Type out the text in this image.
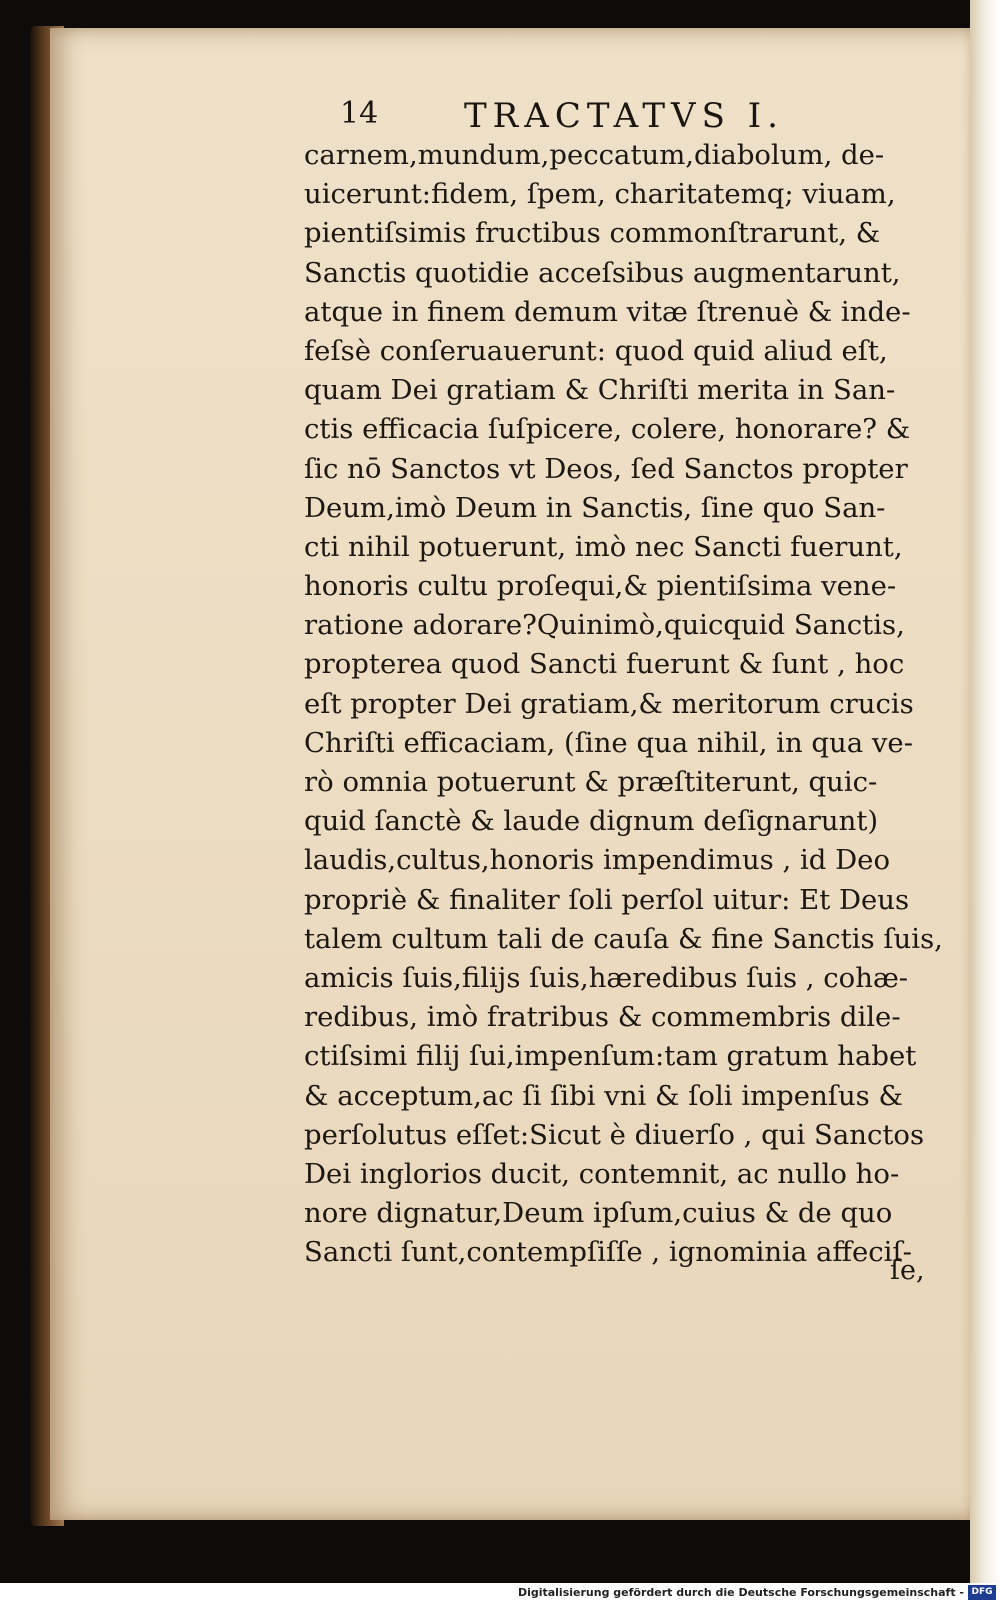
14	TRACTATVS I.
carnem,mundum,peccatum,diabolum, de-
uicerunt:fidem, ſpem, charitatemq; viuam,
pientiſsimis fructibus commonſtrarunt, &
Sanctis quotidie acceſsibus augmentarunt,
atque in finem demum vitæ ſtrenuè & inde-
feſsè conſeruauerunt: quod quid aliud eſt,
quam Dei gratiam & Chriſti merita in San-
ctis efficacia ſuſpicere, colere, honorare? &
ſic nō Sanctos vt Deos, ſed Sanctos propter
Deum,imò Deum in Sanctis, ſine quo San-
cti nihil potuerunt, imò nec Sancti fuerunt,
honoris cultu proſequi,& pientiſsima vene-
ratione adorare?Quinimò,quicquid Sanctis,
propterea quod Sancti fuerunt & ſunt , hoc
eſt propter Dei gratiam,& meritorum crucis
Chriſti efficaciam, (ſine qua nihil, in qua ve-
rò omnia potuerunt & præſtiterunt, quic-
quid ſanctè & laude dignum deſignarunt)
laudis,cultus,honoris impendimus , id Deo
propriè & finaliter ſoli perſol uitur: Et Deus
talem cultum tali de cauſa & fine Sanctis ſuis,
amicis ſuis,filijs ſuis,hæredibus ſuis , cohæ-
redibus, imò fratribus & commembris dile-
ctiſsimi filij ſui,impenſum:tam gratum habet
& acceptum,ac ſi ſibi vni & ſoli impenſus &
perſolutus eſſet:Sicut è diuerſo , qui Sanctos
Dei inglorios ducit, contemnit, ac nullo ho-
nore dignatur,Deum ipſum,cuius & de quo
Sancti ſunt,contempſiſſe , ignominia affeciſ-
ſe,
Digitalisierung gefördert durch die Deutsche Forschungsgemeinschaft - DFG
